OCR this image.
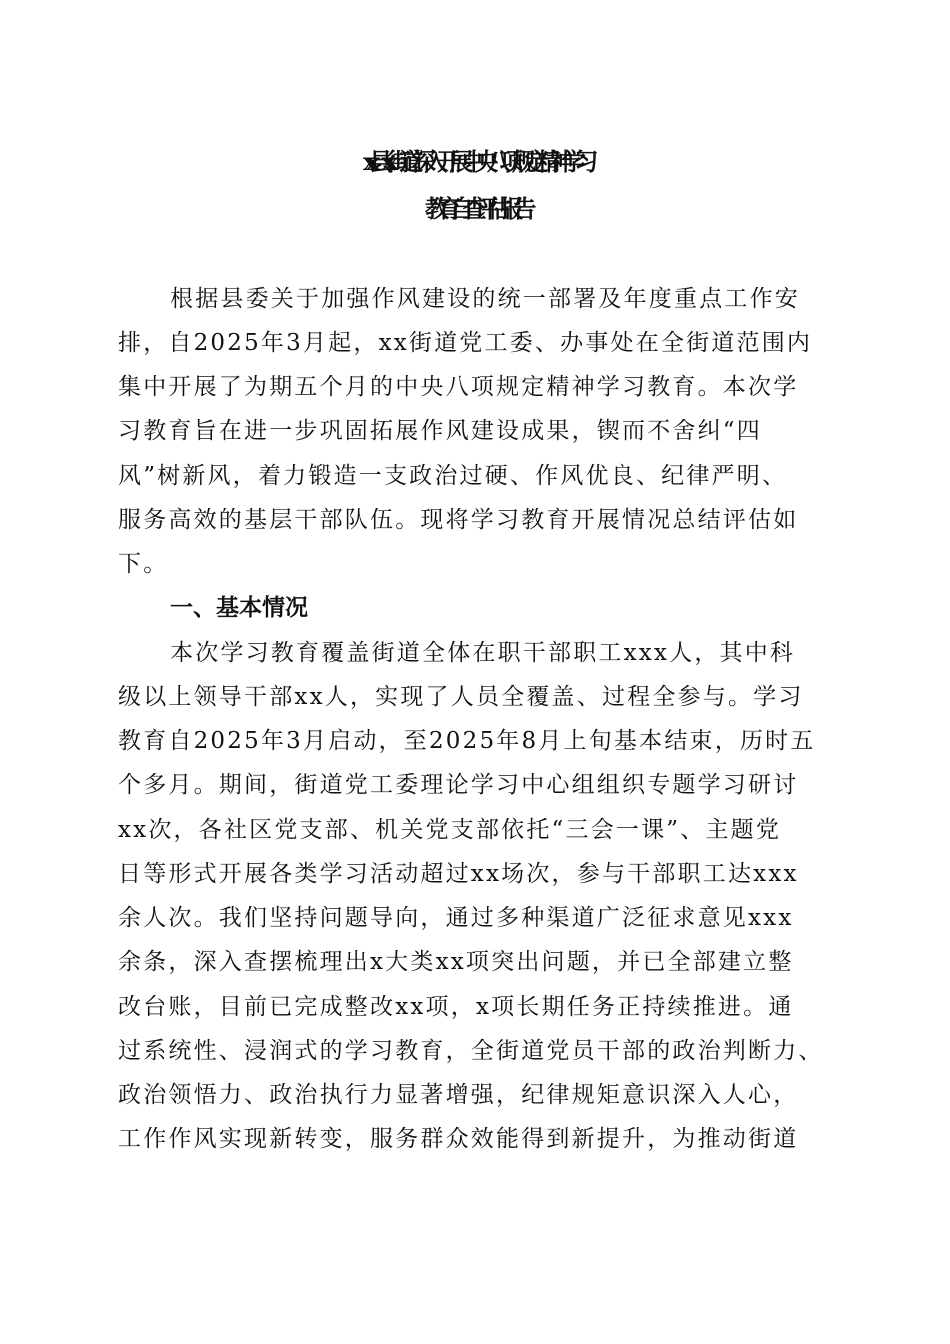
xx县xx街道深入开展中央八项规定精神学习
教育自查评估报告
根据县委关于加强作风建设的统一部署及年度重点工作安
排，自2025年3月起，xx街道党工委、办事处在全街道范围内
集中开展了为期五个月的中央八项规定精神学习教育。本次学
习教育旨在进一步巩固拓展作风建设成果，锲而不舍纠“四
风”树新风，着力锻造一支政治过硬、作风优良、纪律严明、
服务高效的基层干部队伍。现将学习教育开展情况总结评估如
下。
一、基本情况
本次学习教育覆盖街道全体在职干部职工xxx人，其中科
级以上领导干部xx人，实现了人员全覆盖、过程全参与。学习
教育自2025年3月启动，至2025年8月上旬基本结束，历时五
个多月。期间，街道党工委理论学习中心组组织专题学习研讨
xx次，各社区党支部、机关党支部依托“三会一课”、主题党
日等形式开展各类学习活动超过xx场次，参与干部职工达xxx
余人次。我们坚持问题导向，通过多种渠道广泛征求意见xxx
余条，深入查摆梳理出x大类xx项突出问题，并已全部建立整
改台账，目前已完成整改xx项，x项长期任务正持续推进。通
过系统性、浸润式的学习教育，全街道党员干部的政治判断力、
政治领悟力、政治执行力显著增强，纪律规矩意识深入人心，
工作作风实现新转变，服务群众效能得到新提升，为推动街道
